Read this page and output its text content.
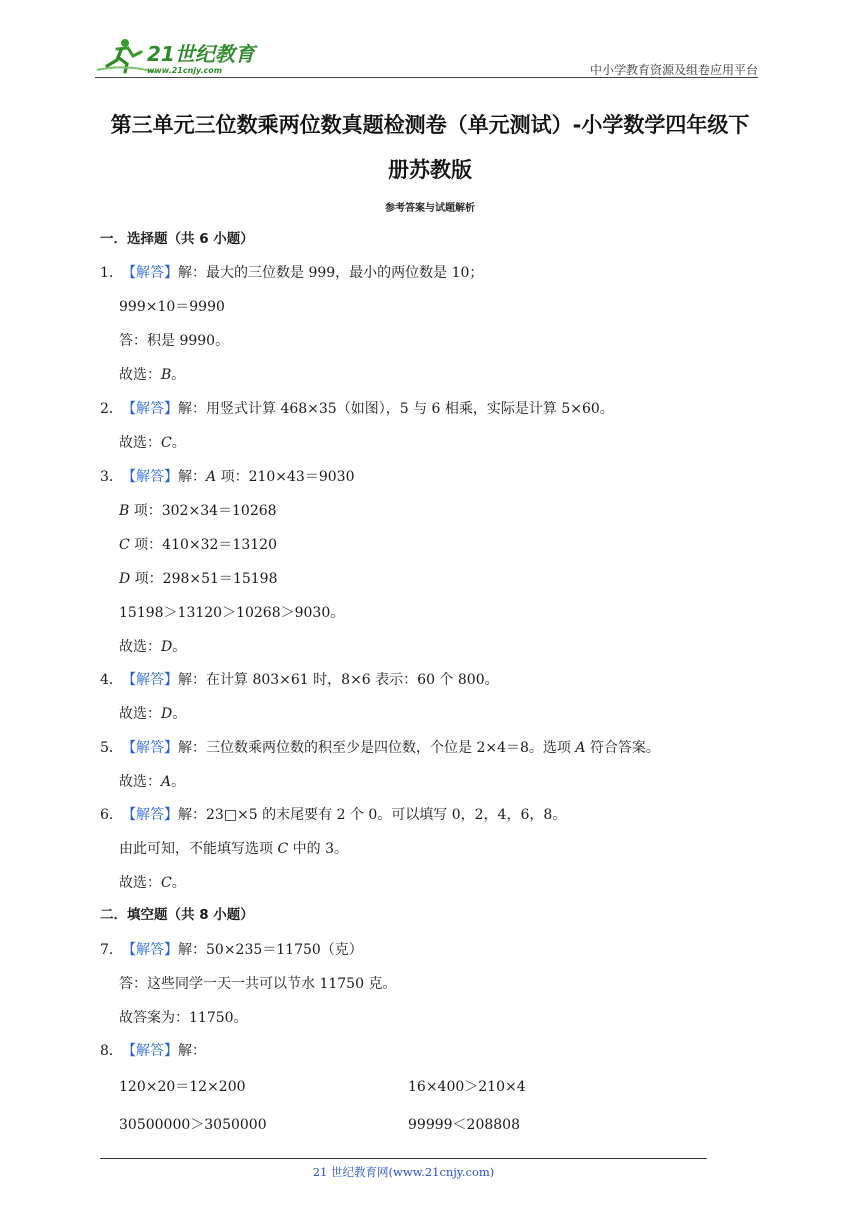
21世纪教育
www.21cnjy.com	中小学教育资源及组卷应用平台
第三单元三位数乘两位数真题检测卷（单元测试）-小学数学四年级下
册苏教版
参考答案与试题解析
一．选择题（共 6 小题）
1．【解答】解：最大的三位数是 999，最小的两位数是 10；
999×10＝9990
答：积是 9990。
故选：B。
2．【解答】解：用竖式计算 468×35（如图），5 与 6 相乘，实际是计算 5×60。
故选：C。
3．【解答】解：A 项：210×43＝9030
B 项：302×34＝10268
C 项：410×32＝13120
D 项：298×51＝15198
15198＞13120＞10268＞9030。
故选：D。
4．【解答】解：在计算 803×61 时，8×6 表示：60 个 800。
故选：D。
5．【解答】解：三位数乘两位数的积至少是四位数，个位是 2×4＝8。选项 A 符合答案。
故选：A。
6．【解答】解：23□×5 的末尾要有 2 个 0。可以填写 0，2，4，6，8。
由此可知，不能填写选项 C 中的 3。
故选：C。
二．填空题（共 8 小题）
7．【解答】解：50×235＝11750（克）
答：这些同学一天一共可以节水 11750 克。
故答案为：11750。
8．【解答】解：
120×20＝12×200	16×400＞210×4
30500000＞3050000	99999＜208808
21 世纪教育网(www.21cnjy.com)
